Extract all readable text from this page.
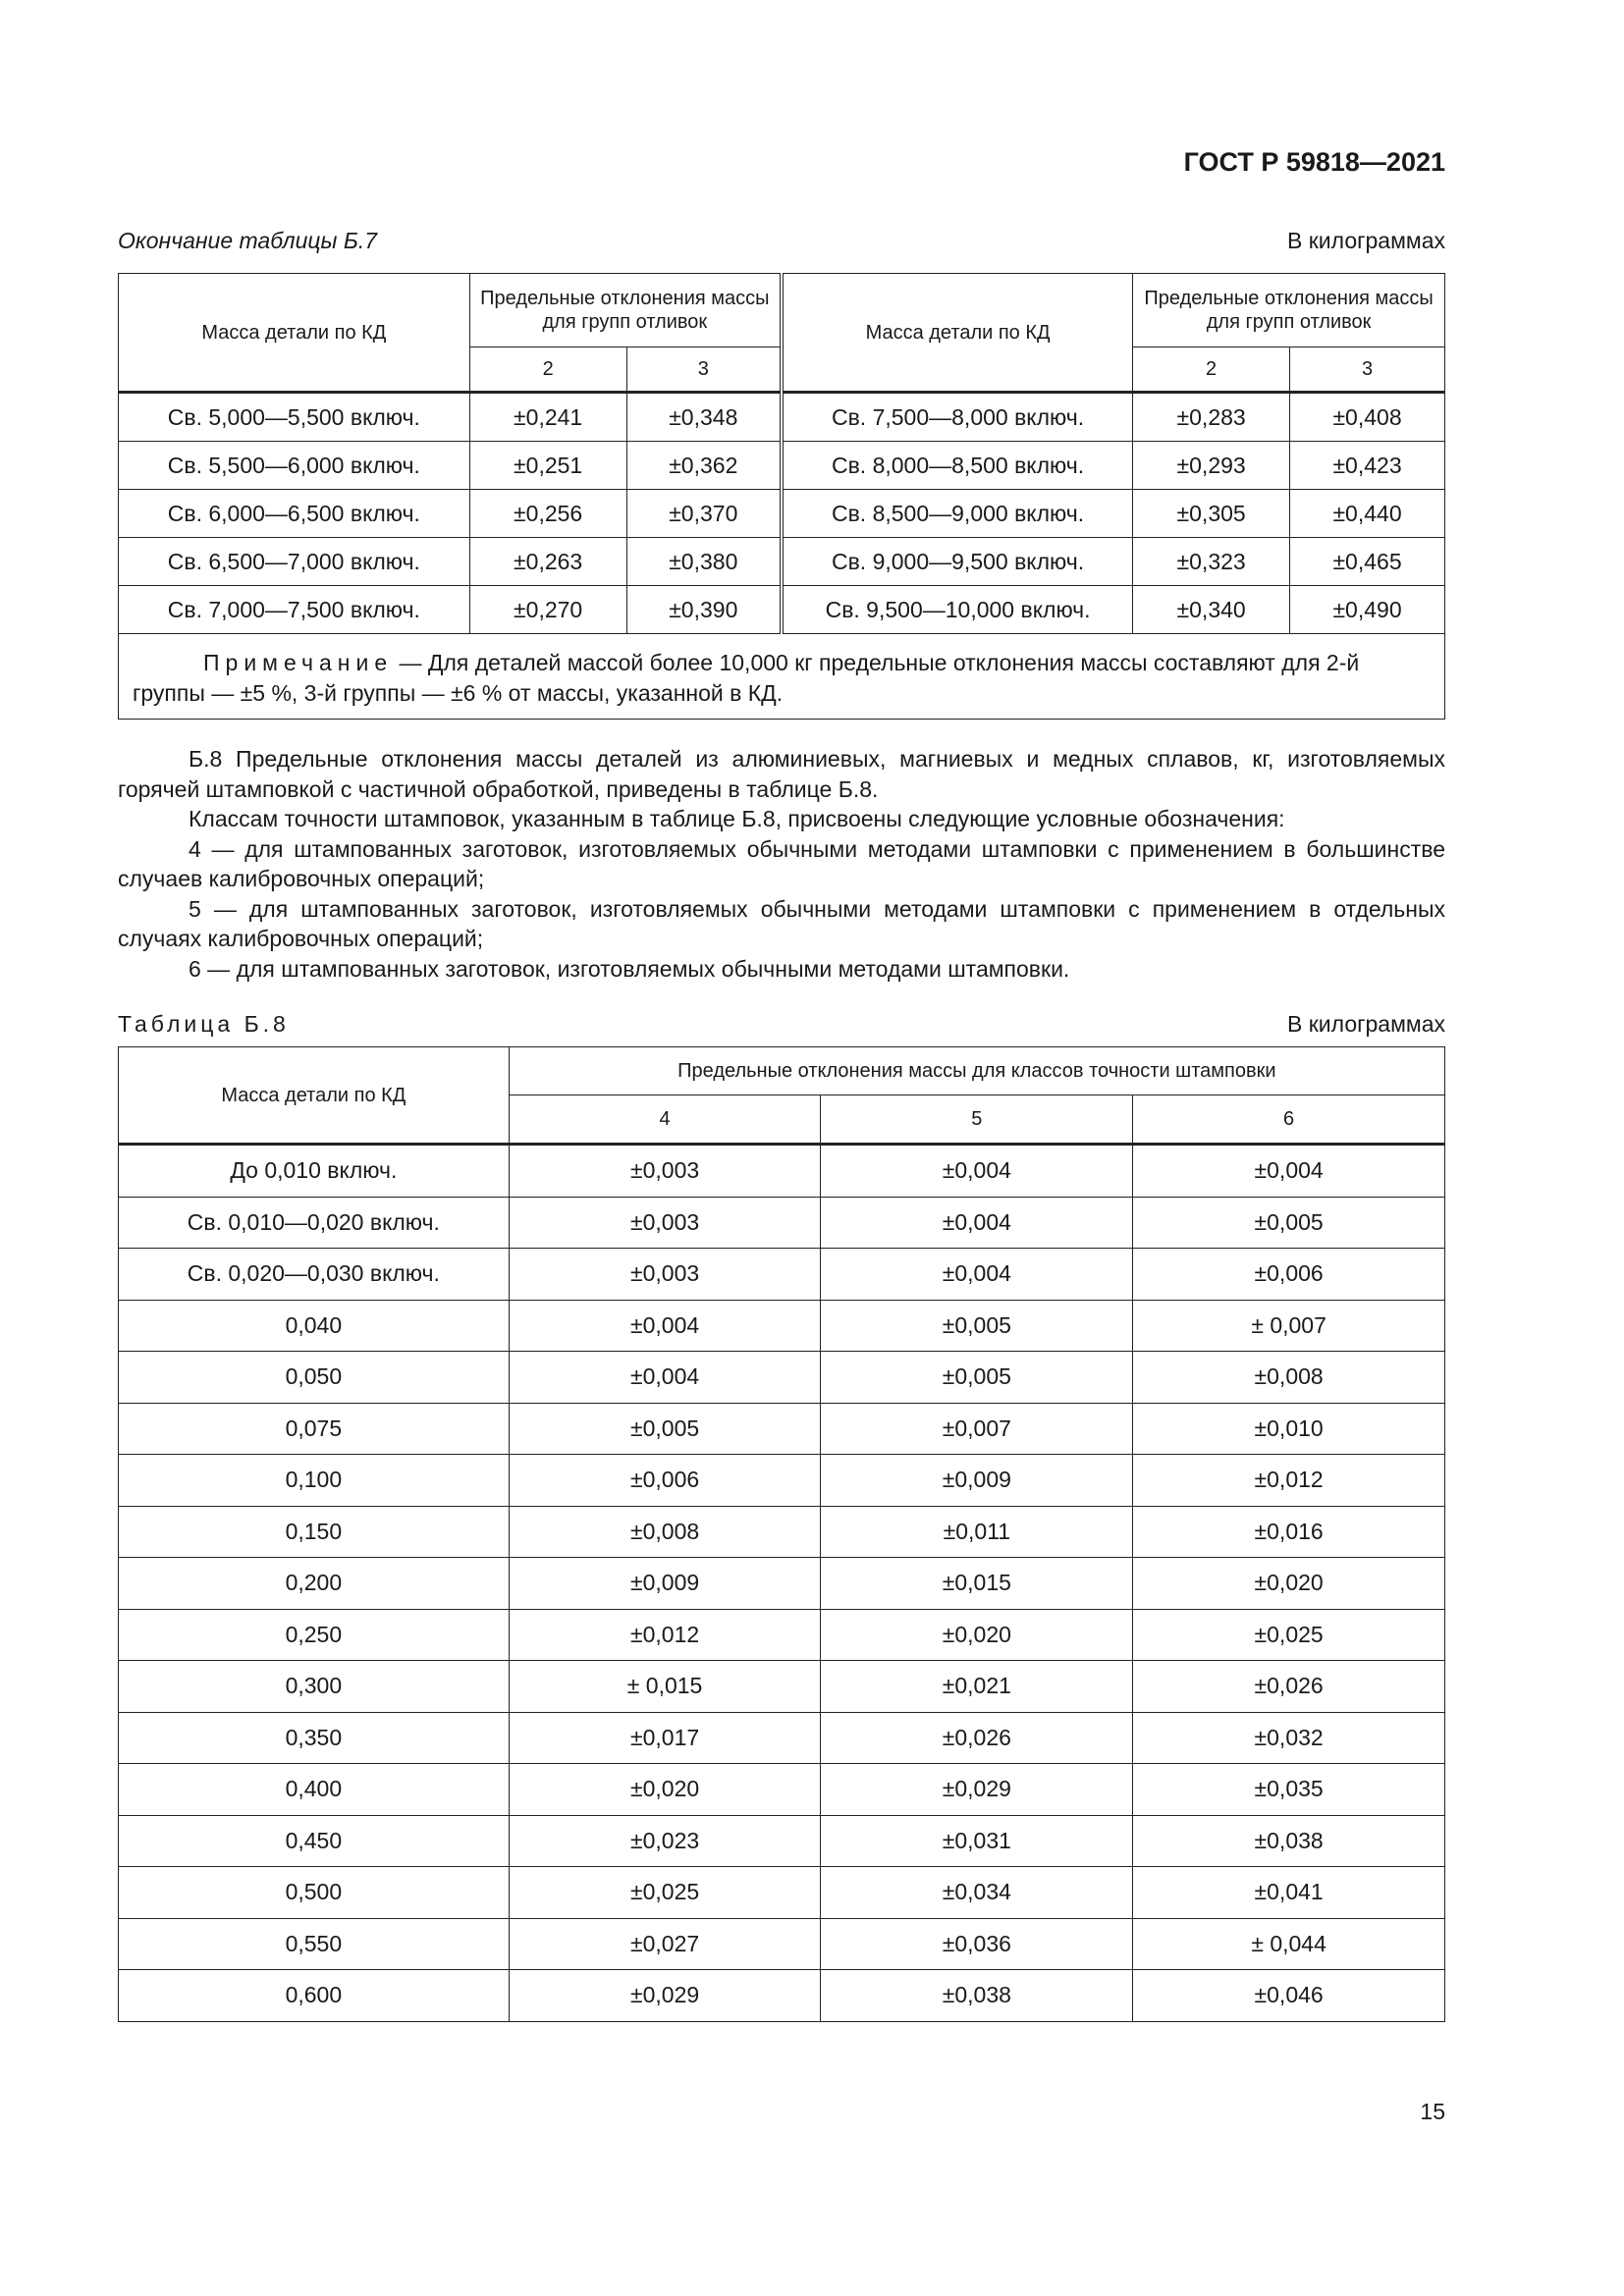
ГОСТ Р 59818—2021
Окончание таблицы Б.7	В килограммах
Масса детали по КД	Предельные отклонения массы для групп отливок		Масса детали по КД	Предельные отклонения массы для групп отливок	
	2	3		2	3
Св. 5,000—5,500 включ.	±0,241	±0,348	Св. 7,500—8,000 включ.	±0,283	±0,408
Св. 5,500—6,000 включ.	±0,251	±0,362	Св. 8,000—8,500 включ.	±0,293	±0,423
Св. 6,000—6,500 включ.	±0,256	±0,370	Св. 8,500—9,000 включ.	±0,305	±0,440
Св. 6,500—7,000 включ.	±0,263	±0,380	Св. 9,000—9,500 включ.	±0,323	±0,465
Св. 7,000—7,500 включ.	±0,270	±0,390	Св. 9,500—10,000 включ.	±0,340	±0,490
Примечание — Для деталей массой более 10,000 кг предельные отклонения массы составляют для 2-й группы — ±5 %, 3-й группы — ±6 % от массы, указанной в КД.					

Б.8 Предельные отклонения массы деталей из алюминиевых, магниевых и медных сплавов, кг, изготовляемых горячей штамповкой с частичной обработкой, приведены в таблице Б.8.

Классам точности штамповок, указанным в таблице Б.8, присвоены следующие условные обозначения:

4 — для штампованных заготовок, изготовляемых обычными методами штамповки с применением в большинстве случаев калибровочных операций;

5 — для штампованных заготовок, изготовляемых обычными методами штамповки с применением в отдельных случаях калибровочных операций;

6 — для штампованных заготовок, изготовляемых обычными методами штамповки.

Таблица Б.8	В килограммах
Масса детали по КД	Предельные отклонения массы для классов точности штамповки		
	4	5	6
До 0,010 включ.	±0,003	±0,004	±0,004
Св. 0,010—0,020 включ.	±0,003	±0,004	±0,005
Св. 0,020—0,030 включ.	±0,003	±0,004	±0,006
0,040	±0,004	±0,005	± 0,007
0,050	±0,004	±0,005	±0,008
0,075	±0,005	±0,007	±0,010
0,100	±0,006	±0,009	±0,012
0,150	±0,008	±0,011	±0,016
0,200	±0,009	±0,015	±0,020
0,250	±0,012	±0,020	±0,025
0,300	± 0,015	±0,021	±0,026
0,350	±0,017	±0,026	±0,032
0,400	±0,020	±0,029	±0,035
0,450	±0,023	±0,031	±0,038
0,500	±0,025	±0,034	±0,041
0,550	±0,027	±0,036	± 0,044
0,600	±0,029	±0,038	±0,046
15
